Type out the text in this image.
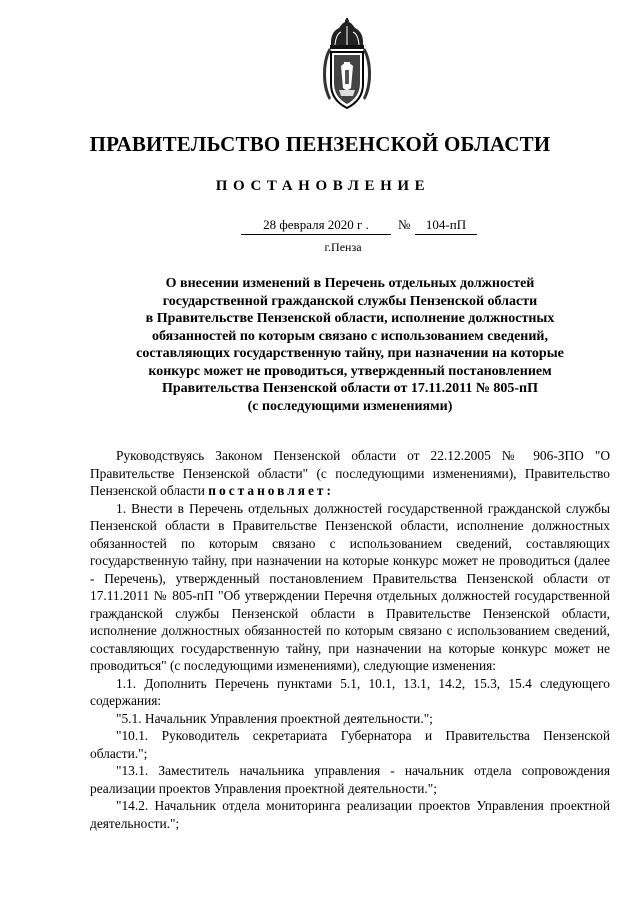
ПРАВИТЕЛЬСТВО ПЕНЗЕНСКОЙ ОБЛАСТИ
ПОСТАНОВЛЕНИЕ
28 февраля 2020 г .	№	104-пП
г.Пенза
О внесении изменений в Перечень отдельных должностей
государственной гражданской службы Пензенской области
в Правительстве Пензенской области, исполнение должностных
обязанностей по которым связано с использованием сведений,
составляющих государственную тайну, при назначении на которые
конкурс может не проводиться, утвержденный постановлением
Правительства Пензенской области от 17.11.2011 № 805-пП
(с последующими изменениями)
Руководствуясь Законом Пензенской области от 22.12.2005 № 906-ЗПО "О Правительстве Пензенской области" (с последующими изменениями), Правительство Пензенской области постановляет:
1. Внести в Перечень отдельных должностей государственной гражданской службы Пензенской области в Правительстве Пензенской области, исполнение должностных обязанностей по которым связано с использованием сведений, составляющих государственную тайну, при назначении на которые конкурс может не проводиться (далее - Перечень), утвержденный постановлением Правительства Пензенской области от 17.11.2011 № 805-пП "Об утверждении Перечня отдельных должностей государственной гражданской службы Пензенской области в Правительстве Пензенской области, исполнение должностных обязанностей по которым связано с использованием сведений, составляющих государственную тайну, при назначении на которые конкурс может не проводиться" (с последующими изменениями), следующие изменения:
1.1. Дополнить Перечень пунктами 5.1, 10.1, 13.1, 14.2, 15.3, 15.4 следующего содержания:
"5.1. Начальник Управления проектной деятельности.";
"10.1. Руководитель секретариата Губернатора и Правительства Пензенской области.";
"13.1. Заместитель начальника управления - начальник отдела сопровождения реализации проектов Управления проектной деятельности.";
"14.2. Начальник отдела мониторинга реализации проектов Управления проектной деятельности.";
